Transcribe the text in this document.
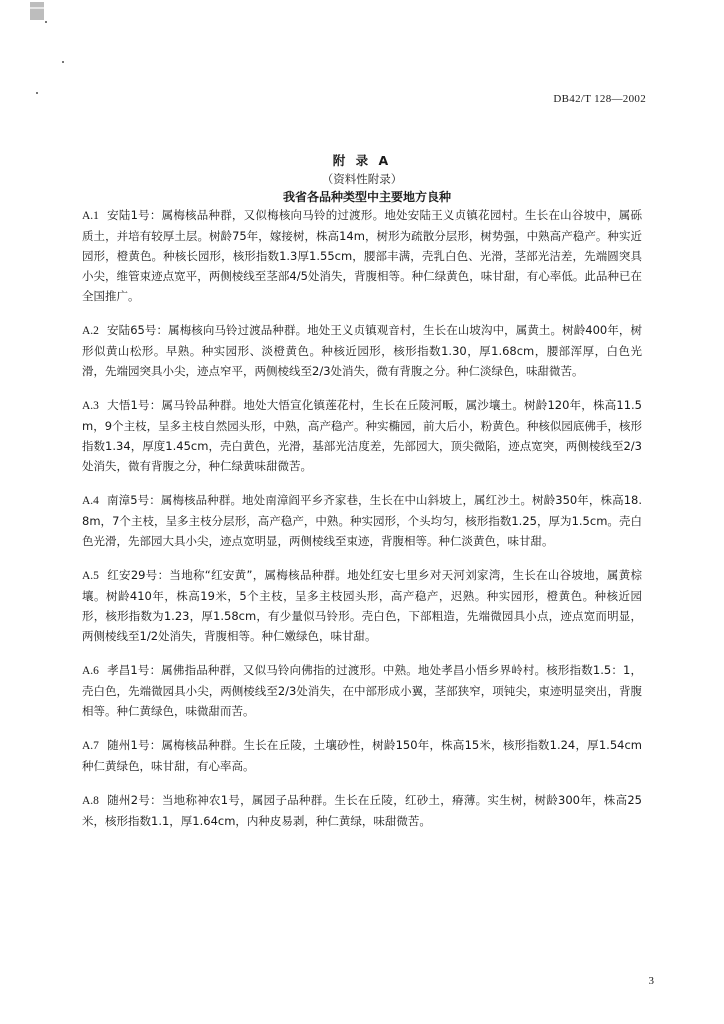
DB42/T 128—2002
附 录 A
（资料性附录）
我省各品种类型中主要地方良种

A.1 安陆1号：属梅核品种群，又似梅核向马铃的过渡形。地处安陆王义贞镇花园村。生长在山谷坡中，属砾质土，并培有较厚土层。树龄75年，嫁接树，株高14m，树形为疏散分层形，树势强，中熟高产稳产。种实近园形，橙黄色。种核长园形，核形指数1.3厚1.55cm，腰部丰满，壳乳白色、光滑，茎部光洁差，先端圆突具小尖，维管束迹点宽平，两侧棱线至茎部4/5处消失，背腹相等。种仁绿黄色，味甘甜，有心率低。此品种已在全国推广。

A.2 安陆65号：属梅核向马铃过渡品种群。地处王义贞镇观音村，生长在山坡沟中，属黄土。树龄400年，树形似黄山松形。早熟。种实园形、淡橙黄色。种核近园形，核形指数1.30，厚1.68cm，腰部浑厚，白色光滑，先端园突具小尖，迹点窄平，两侧棱线至2/3处消失，微有背腹之分。种仁淡绿色，味甜微苦。

A.3 大悟1号：属马铃品种群。地处大悟宣化镇莲花村，生长在丘陵河畈，属沙壤土。树龄120年，株高11.5m，9个主枝，呈多主枝自然园头形，中熟，高产稳产。种实椭园，前大后小，粉黄色。种核似园底佛手，核形指数1.34，厚度1.45cm，壳白黄色，光滑，基部光洁度差，先部园大，顶尖微陷，迹点宽突，两侧棱线至2/3处消失，微有背腹之分，种仁绿黄味甜微苦。

A.4 南漳5号：属梅核品种群。地处南漳阎平乡齐家巷，生长在中山斜坡上，属红沙土。树龄350年，株高18.8m，7个主枝，呈多主枝分层形，高产稳产，中熟。种实园形，个头均匀，核形指数1.25，厚为1.5cm。壳白色光滑，先部园大具小尖，迹点宽明显，两侧棱线至束迹，背腹相等。种仁淡黄色，味甘甜。

A.5 红安29号：当地称“红安黄”，属梅核品种群。地处红安七里乡对天河刘家湾，生长在山谷坡地，属黄棕壤。树龄410年，株高19米，5个主枝，呈多主枝园头形，高产稳产，迟熟。种实园形，橙黄色。种核近园形，核形指数为1.23，厚1.58cm，有少量似马铃形。壳白色，下部粗造，先端微园具小点，迹点宽而明显，两侧棱线至1/2处消失，背腹相等。种仁嫩绿色，味甘甜。

A.6 孝昌1号：属佛指品种群，又似马铃向佛指的过渡形。中熟。地处孝昌小悟乡界岭村。核形指数1.5：1，壳白色，先端微园具小尖，两侧棱线至2/3处消失，在中部形成小翼，茎部狭窄，项钝尖，束迹明显突出，背腹相等。种仁黄绿色，味微甜而苦。

A.7 随州1号：属梅核品种群。生长在丘陵，土壤砂性，树龄150年，株高15米，核形指数1.24，厚1.54cm种仁黄绿色，味甘甜，有心率高。

A.8 随州2号：当地称神农1号，属园子品种群。生长在丘陵，红砂土，瘠薄。实生树，树龄300年，株高25米，核形指数1.1，厚1.64cm，内种皮易剥，种仁黄绿，味甜微苦。

3
